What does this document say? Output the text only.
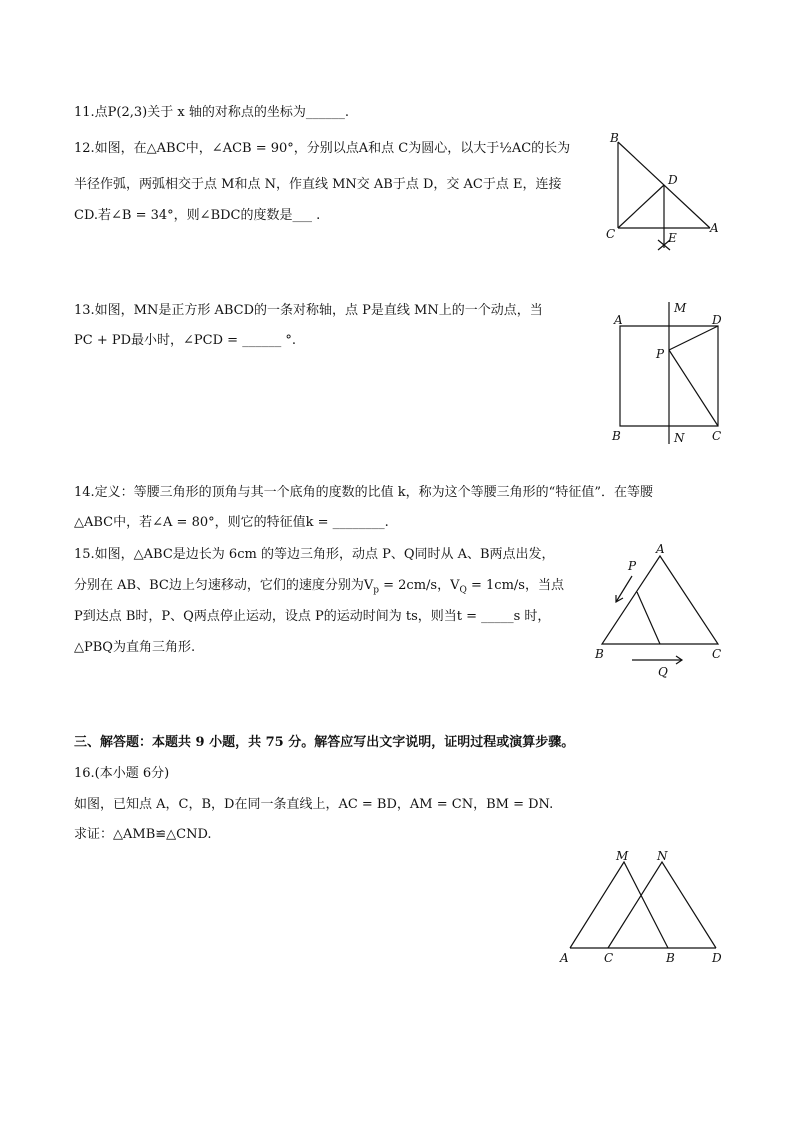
11.点P(2,3)关于 x 轴的对称点的坐标为______.
12.如图，在△ABC中，∠ACB = 90°，分别以点A和点 C为圆心，以大于½AC的长为
半径作弧，两弧相交于点 M和点 N，作直线 MN交 AB于点 D，交 AC于点 E，连接
CD.若∠B = 34°，则∠BDC的度数是___ .
B
D
C	E
A
13.如图，MN是正方形 ABCD的一条对称轴，点 P是直线 MN上的一个动点，当
PC + PD最小时，∠PCD = ______ °.
A
M
D
P
B	N C
14.定义：等腰三角形的顶角与其一个底角的度数的比值 k，称为这个等腰三角形的“特征值”．在等腰
△ABC中，若∠A = 80°，则它的特征值k = ________.
15.如图，△ABC是边长为 6cm 的等边三角形，动点 P、Q同时从 A、B两点出发，
分别在 AB、BC边上匀速移动，它们的速度分别为$V_p = 2cm/s$，$V_Q = 1cm/s$，当点
P到达点 B时，P、Q两点停止运动，设点 P的运动时间为 ts，则当t = _____s 时，
△PBQ为直角三角形.
A
P
B	C
Q
三、解答题：本题共 9 小题，共 75 分。解答应写出文字说明，证明过程或演算步骤。
16.(本小题 6分)
如图，已知点 A，C，B，D在同一条直线上，AC = BD，AM = CN，BM = DN.
求证：△AMB≌△CND.
M N
A	C	B	D
